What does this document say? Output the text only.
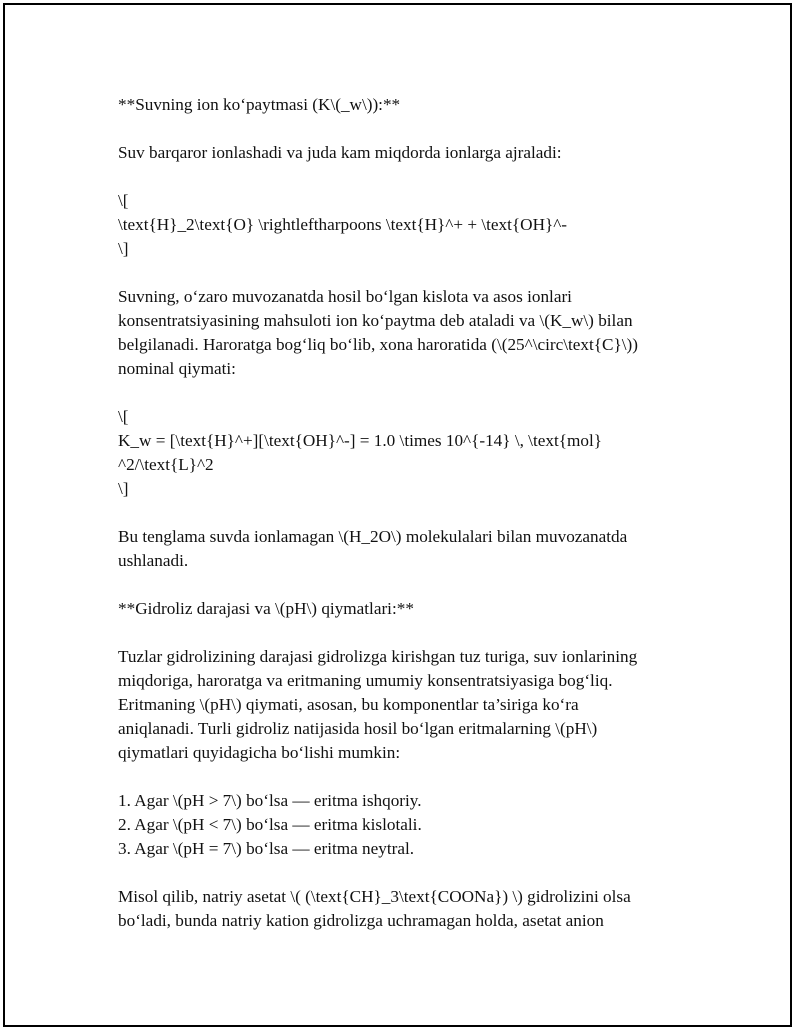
**Suvning ion ko‘paytmasi (K\(_w\)):**
Suv barqaror ionlashadi va juda kam miqdorda ionlarga ajraladi:
\[
\text{H}_2\text{O} \rightleftharpoons \text{H}^+ + \text{OH}^-
\]
Suvning, o‘zaro muvozanatda hosil bo‘lgan kislota va asos ionlari
konsentratsiyasining mahsuloti ion ko‘paytma deb ataladi va \(K_w\) bilan
belgilanadi. Haroratga bog‘liq bo‘lib, xona haroratida (\(25^\circ\text{C}\))
nominal qiymati:
\[
K_w = [\text{H}^+][\text{OH}^-] = 1.0 \times 10^{-14} \, \text{mol}
^2/\text{L}^2
\]
Bu tenglama suvda ionlamagan \(H_2O\) molekulalari bilan muvozanatda
ushlanadi.
**Gidroliz darajasi va \(pH\) qiymatlari:**
Tuzlar gidrolizining darajasi gidrolizga kirishgan tuz turiga, suv ionlarining
miqdoriga, haroratga va eritmaning umumiy konsentratsiyasiga bog‘liq.
Eritmaning \(pH\) qiymati, asosan, bu komponentlar ta’siriga ko‘ra
aniqlanadi. Turli gidroliz natijasida hosil bo‘lgan eritmalarning \(pH\)
qiymatlari quyidagicha bo‘lishi mumkin:
1. Agar \(pH > 7\) bo‘lsa — eritma ishqoriy.
2. Agar \(pH < 7\) bo‘lsa — eritma kislotali.
3. Agar \(pH = 7\) bo‘lsa — eritma neytral.
Misol qilib, natriy asetat \( (\text{CH}_3\text{COONa}) \) gidrolizini olsa
bo‘ladi, bunda natriy kation gidrolizga uchramagan holda, asetat anion
